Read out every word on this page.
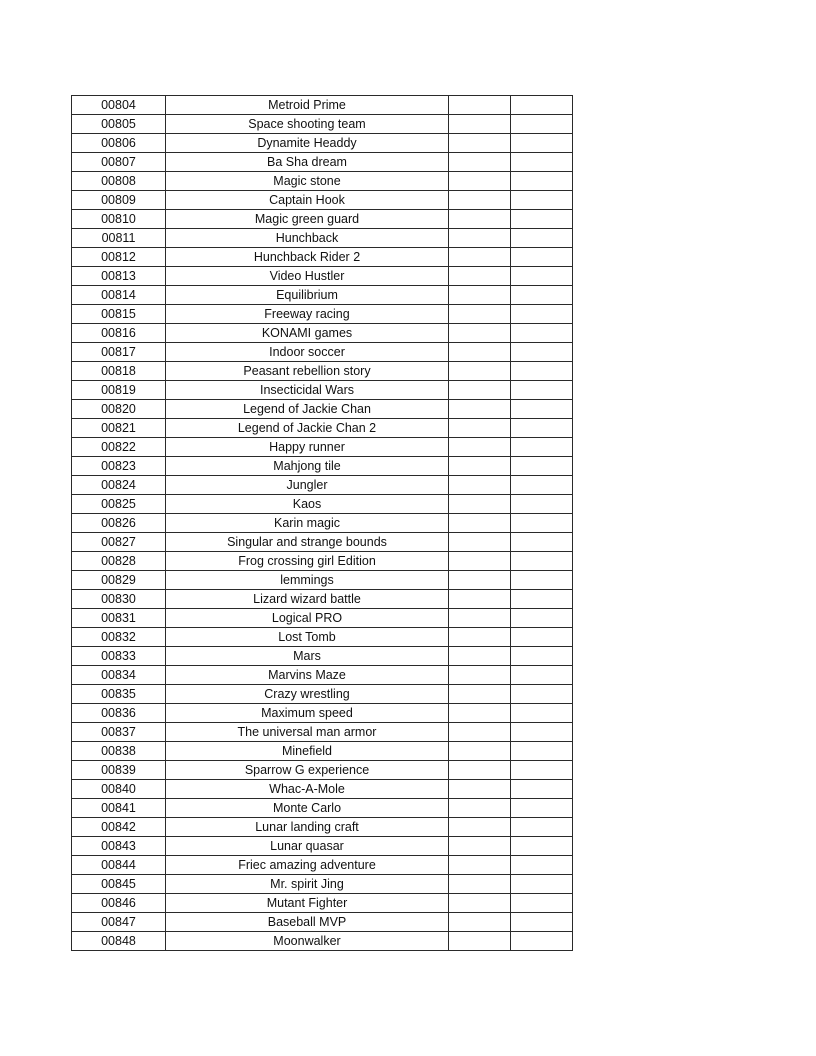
00804	Metroid Prime		
00805	Space shooting team		
00806	Dynamite Headdy		
00807	Ba Sha dream		
00808	Magic stone		
00809	Captain Hook		
00810	Magic green guard		
00811	Hunchback		
00812	Hunchback Rider 2		
00813	Video Hustler		
00814	Equilibrium		
00815	Freeway racing		
00816	KONAMI games		
00817	Indoor soccer		
00818	Peasant rebellion story		
00819	Insecticidal Wars		
00820	Legend of Jackie Chan		
00821	Legend of Jackie Chan 2		
00822	Happy runner		
00823	Mahjong tile		
00824	Jungler		
00825	Kaos		
00826	Karin magic		
00827	Singular and strange bounds		
00828	Frog crossing girl Edition		
00829	lemmings		
00830	Lizard wizard battle		
00831	Logical PRO		
00832	Lost Tomb		
00833	Mars		
00834	Marvins Maze		
00835	Crazy wrestling		
00836	Maximum speed		
00837	The universal man armor		
00838	Minefield		
00839	Sparrow G experience		
00840	Whac-A-Mole		
00841	Monte Carlo		
00842	Lunar landing craft		
00843	Lunar quasar		
00844	Friec amazing adventure		
00845	Mr. spirit Jing		
00846	Mutant Fighter		
00847	Baseball MVP		
00848	Moonwalker		
